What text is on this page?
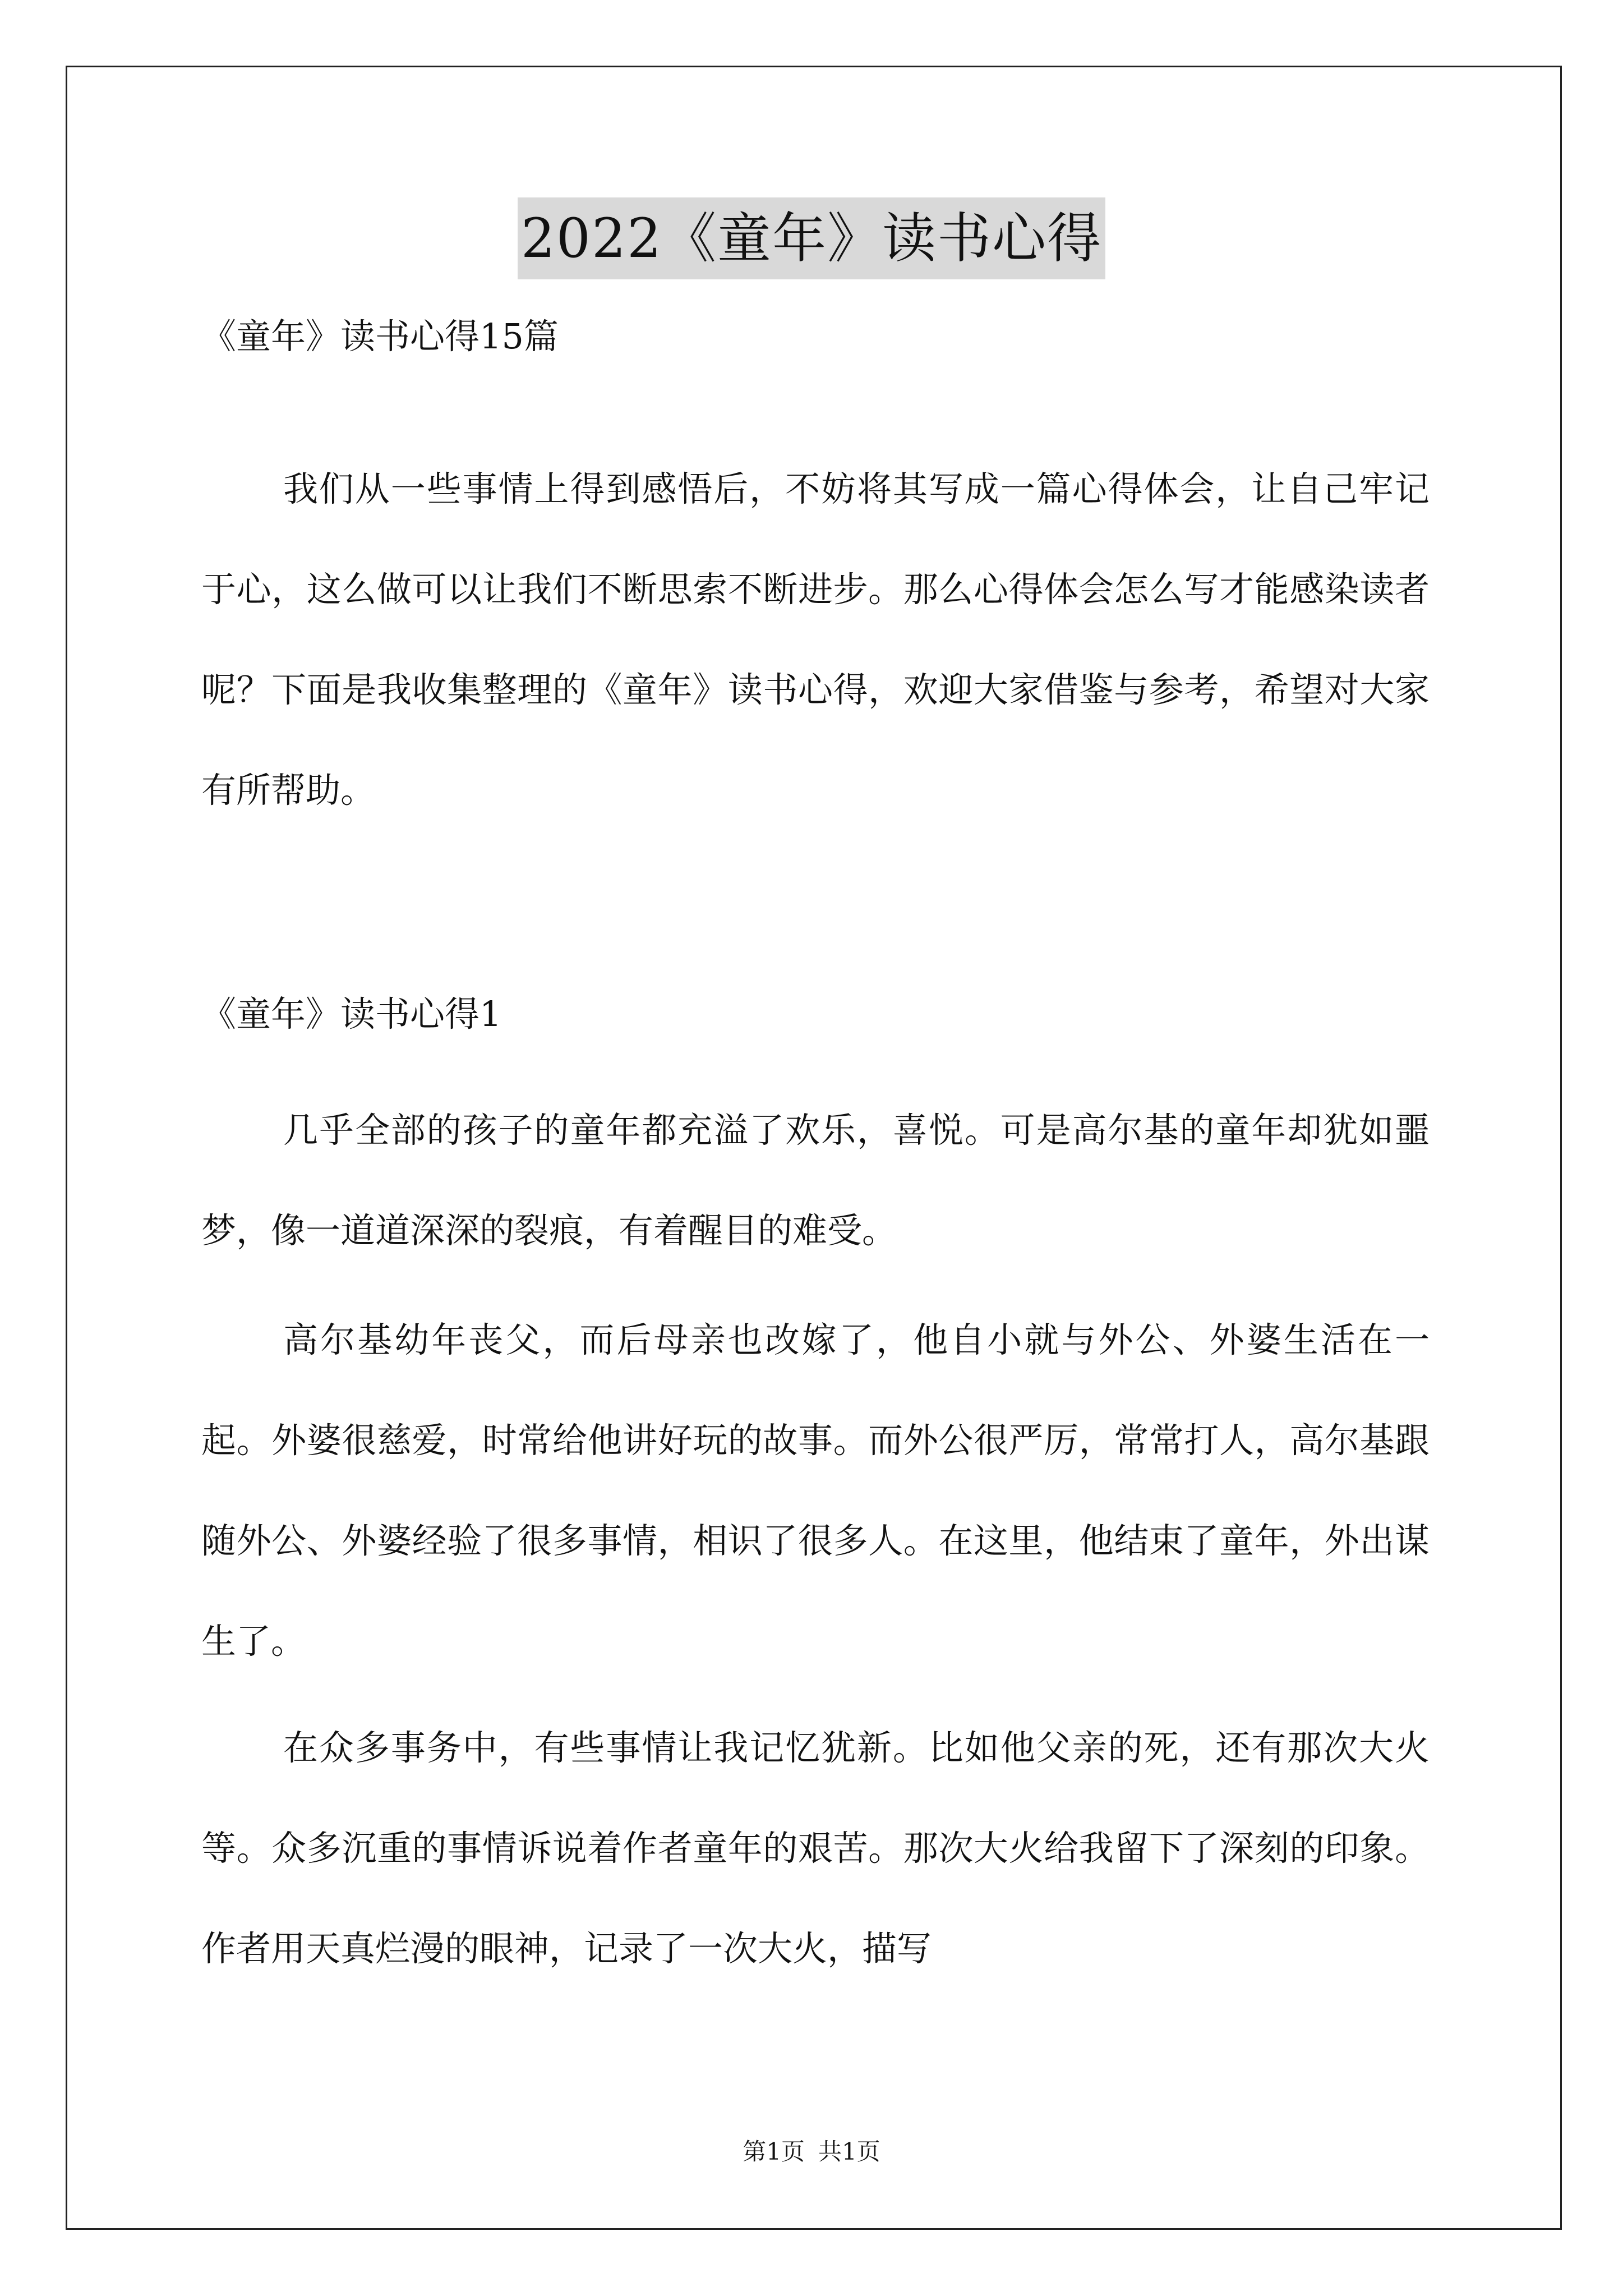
2022《童年》读书心得
《童年》读书心得15篇

我们从一些事情上得到感悟后，不妨将其写成一篇心得体会，让自己牢记于心，这么做可以让我们不断思索不断进步。那么心得体会怎么写才能感染读者呢？下面是我收集整理的《童年》读书心得，欢迎大家借鉴与参考，希望对大家有所帮助。

《童年》读书心得1

几乎全部的孩子的童年都充溢了欢乐，喜悦。可是高尔基的童年却犹如噩梦，像一道道深深的裂痕，有着醒目的难受。

高尔基幼年丧父，而后母亲也改嫁了，他自小就与外公、外婆生活在一起。外婆很慈爱，时常给他讲好玩的故事。而外公很严厉，常常打人，高尔基跟随外公、外婆经验了很多事情，相识了很多人。在这里，他结束了童年，外出谋生了。

在众多事务中，有些事情让我记忆犹新。比如他父亲的死，还有那次大火等。众多沉重的事情诉说着作者童年的艰苦。那次大火给我留下了深刻的印象。作者用天真烂漫的眼神，记录了一次大火，描写

第1页 共1页
